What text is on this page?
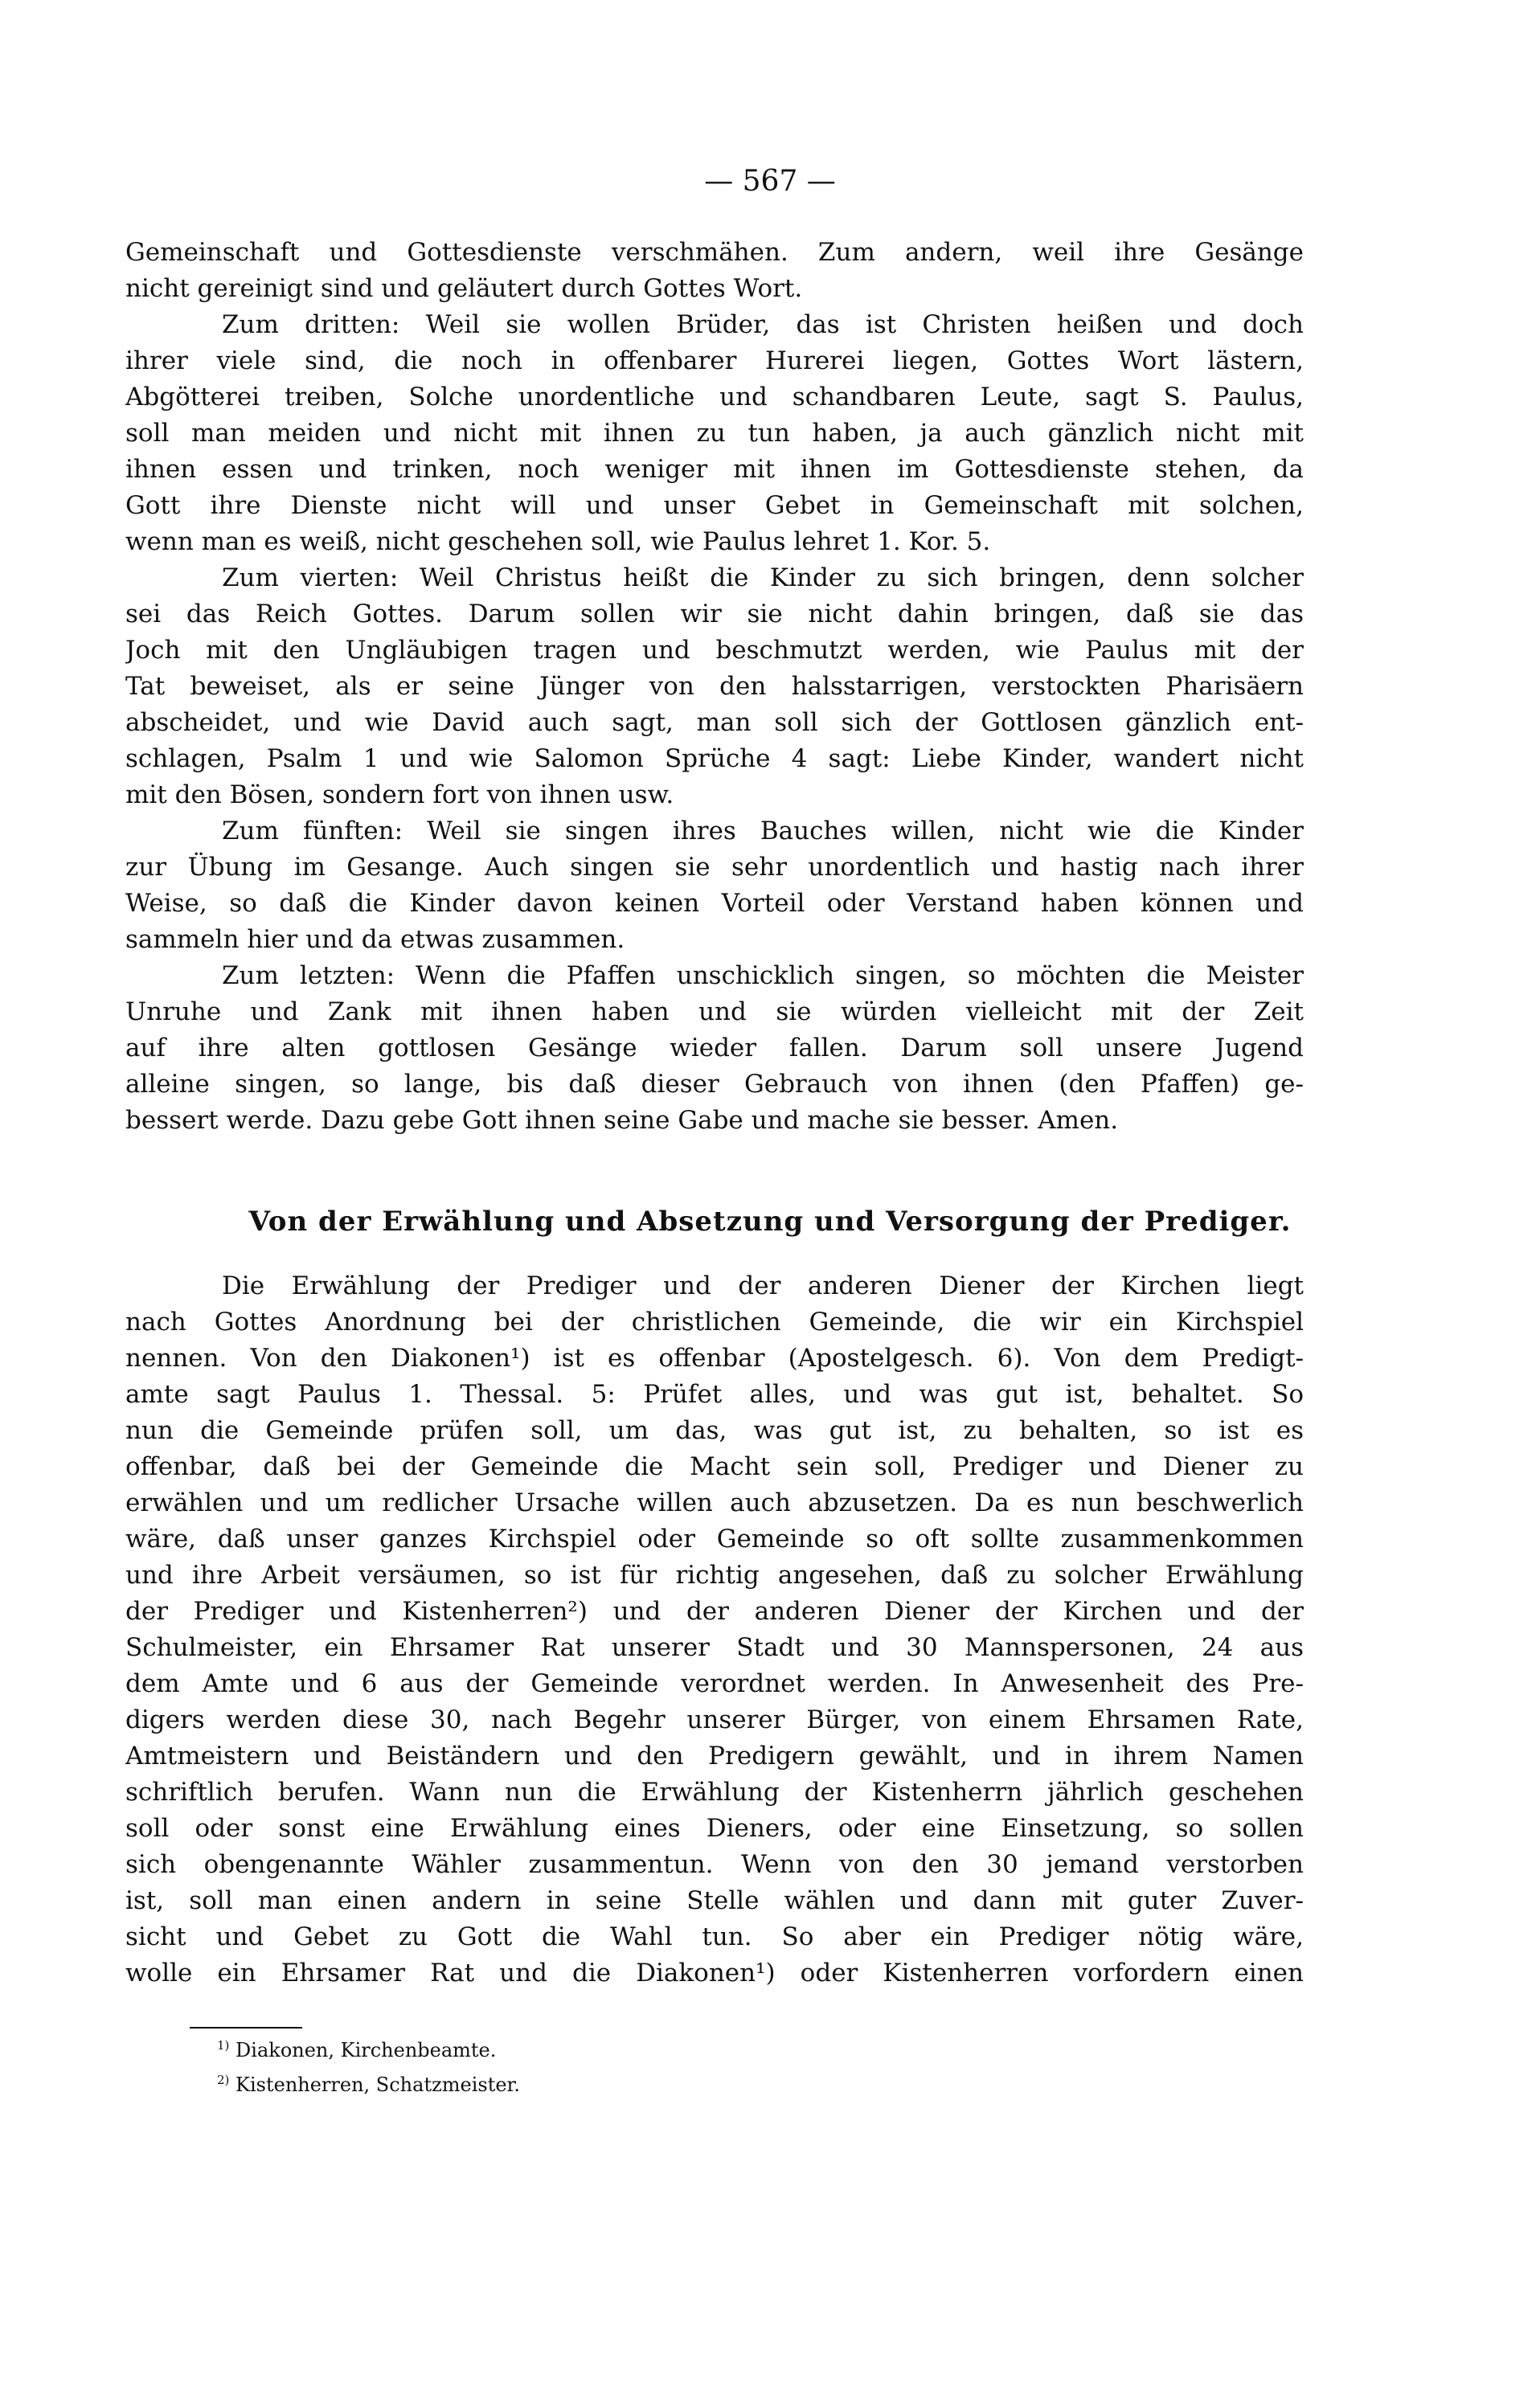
— 567 —
Gemeinschaft und Gottesdienste verschmähen. Zum andern, weil ihre Gesänge
nicht gereinigt sind und geläutert durch Gottes Wort.
Zum dritten: Weil sie wollen Brüder, das ist Christen heißen und doch
ihrer viele sind, die noch in offenbarer Hurerei liegen, Gottes Wort lästern,
Abgötterei treiben, Solche unordentliche und schandbaren Leute, sagt S. Paulus,
soll man meiden und nicht mit ihnen zu tun haben, ja auch gänzlich nicht mit
ihnen essen und trinken, noch weniger mit ihnen im Gottesdienste stehen, da
Gott ihre Dienste nicht will und unser Gebet in Gemeinschaft mit solchen,
wenn man es weiß, nicht geschehen soll, wie Paulus lehret 1. Kor. 5.
Zum vierten: Weil Christus heißt die Kinder zu sich bringen, denn solcher
sei das Reich Gottes. Darum sollen wir sie nicht dahin bringen, daß sie das
Joch mit den Ungläubigen tragen und beschmutzt werden, wie Paulus mit der
Tat beweiset, als er seine Jünger von den halsstarrigen, verstockten Pharisäern
abscheidet, und wie David auch sagt, man soll sich der Gottlosen gänzlich ent-
schlagen, Psalm 1 und wie Salomon Sprüche 4 sagt: Liebe Kinder, wandert nicht
mit den Bösen, sondern fort von ihnen usw.
Zum fünften: Weil sie singen ihres Bauches willen, nicht wie die Kinder
zur Übung im Gesange. Auch singen sie sehr unordentlich und hastig nach ihrer
Weise, so daß die Kinder davon keinen Vorteil oder Verstand haben können und
sammeln hier und da etwas zusammen.
Zum letzten: Wenn die Pfaffen unschicklich singen, so möchten die Meister
Unruhe und Zank mit ihnen haben und sie würden vielleicht mit der Zeit
auf ihre alten gottlosen Gesänge wieder fallen. Darum soll unsere Jugend
alleine singen, so lange, bis daß dieser Gebrauch von ihnen (den Pfaffen) ge-
bessert werde. Dazu gebe Gott ihnen seine Gabe und mache sie besser. Amen.
Von der Erwählung und Absetzung und Versorgung der Prediger.
Die Erwählung der Prediger und der anderen Diener der Kirchen liegt
nach Gottes Anordnung bei der christlichen Gemeinde, die wir ein Kirchspiel
nennen. Von den Diakonen¹) ist es offenbar (Apostelgesch. 6). Von dem Predigt-
amte sagt Paulus 1. Thessal. 5: Prüfet alles, und was gut ist, behaltet. So
nun die Gemeinde prüfen soll, um das, was gut ist, zu behalten, so ist es
offenbar, daß bei der Gemeinde die Macht sein soll, Prediger und Diener zu
erwählen und um redlicher Ursache willen auch abzusetzen. Da es nun beschwerlich
wäre, daß unser ganzes Kirchspiel oder Gemeinde so oft sollte zusammenkommen
und ihre Arbeit versäumen, so ist für richtig angesehen, daß zu solcher Erwählung
der Prediger und Kistenherren²) und der anderen Diener der Kirchen und der
Schulmeister, ein Ehrsamer Rat unserer Stadt und 30 Mannspersonen, 24 aus
dem Amte und 6 aus der Gemeinde verordnet werden. In Anwesenheit des Pre-
digers werden diese 30, nach Begehr unserer Bürger, von einem Ehrsamen Rate,
Amtmeistern und Beiständern und den Predigern gewählt, und in ihrem Namen
schriftlich berufen. Wann nun die Erwählung der Kistenherrn jährlich geschehen
soll oder sonst eine Erwählung eines Dieners, oder eine Einsetzung, so sollen
sich obengenannte Wähler zusammentun. Wenn von den 30 jemand verstorben
ist, soll man einen andern in seine Stelle wählen und dann mit guter Zuver-
sicht und Gebet zu Gott die Wahl tun. So aber ein Prediger nötig wäre,
wolle ein Ehrsamer Rat und die Diakonen¹) oder Kistenherren vorfordern einen
$^{1)}$ Diakonen, Kirchenbeamte.
$^{2)}$ Kistenherren, Schatzmeister.
